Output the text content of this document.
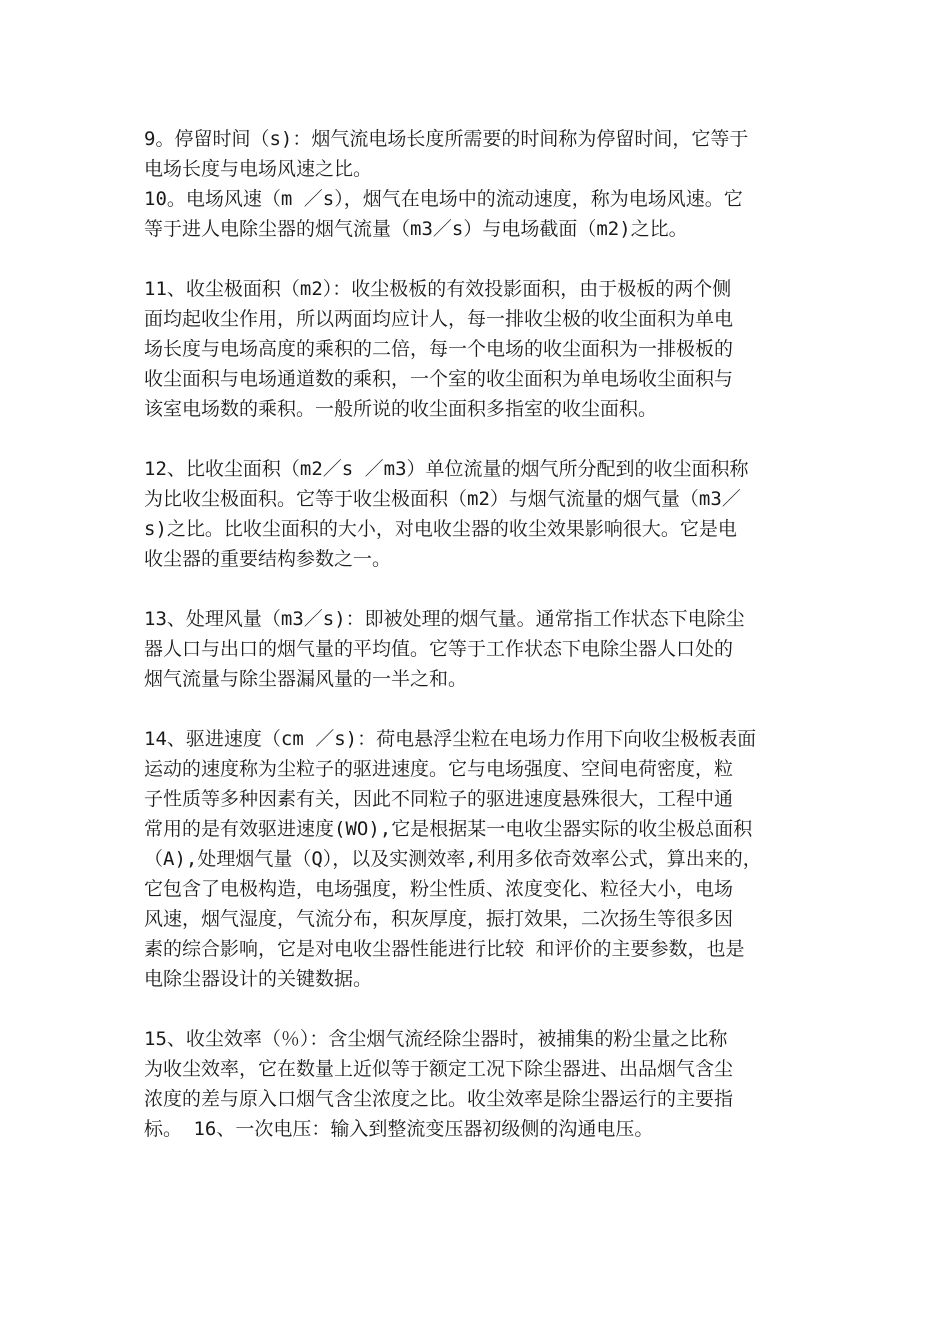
9。停留时间（s)：烟气流电场长度所需要的时间称为停留时间，它等于
电场长度与电场风速之比。
10。电场风速（m ／s），烟气在电场中的流动速度，称为电场风速。它
等于进人电除尘器的烟气流量（m3／s）与电场截面（m2)之比。
11、收尘极面积（m2）：收尘极板的有效投影面积，由于极板的两个侧
面均起收尘作用，所以两面均应计人，每一排收尘极的收尘面积为单电
场长度与电场高度的乘积的二倍，每一个电场的收尘面积为一排极板的
收尘面积与电场通道数的乘积，一个室的收尘面积为单电场收尘面积与
该室电场数的乘积。一般所说的收尘面积多指室的收尘面积。
12、比收尘面积（m2／s ／m3）单位流量的烟气所分配到的收尘面积称
为比收尘极面积。它等于收尘极面积（m2）与烟气流量的烟气量（m3／
s)之比。比收尘面积的大小，对电收尘器的收尘效果影响很大。它是电
收尘器的重要结构参数之一。
13、处理风量（m3／s)：即被处理的烟气量。通常指工作状态下电除尘
器人口与出口的烟气量的平均值。它等于工作状态下电除尘器人口处的
烟气流量与除尘器漏风量的一半之和。
14、驱进速度（cm ／s)：荷电悬浮尘粒在电场力作用下向收尘极板表面
运动的速度称为尘粒子的驱进速度。它与电场强度、空间电荷密度，粒
子性质等多种因素有关，因此不同粒子的驱进速度悬殊很大，工程中通
常用的是有效驱进速度(WO),它是根据某一电收尘器实际的收尘极总面积
（A),处理烟气量（Q），以及实测效率,利用多依奇效率公式，算出来的，
它包含了电极构造，电场强度，粉尘性质、浓度变化、粒径大小，电场
风速，烟气湿度，气流分布，积灰厚度，振打效果，二次扬生等很多因
素的综合影响，它是对电收尘器性能进行比较 和评价的主要参数，也是
电除尘器设计的关键数据。
15、收尘效率（％）：含尘烟气流经除尘器时，被捕集的粉尘量之比称
为收尘效率，它在数量上近似等于额定工况下除尘器进、出品烟气含尘
浓度的差与原入口烟气含尘浓度之比。收尘效率是除尘器运行的主要指
标。 16、一次电压：输入到整流变压器初级侧的沟通电压。
